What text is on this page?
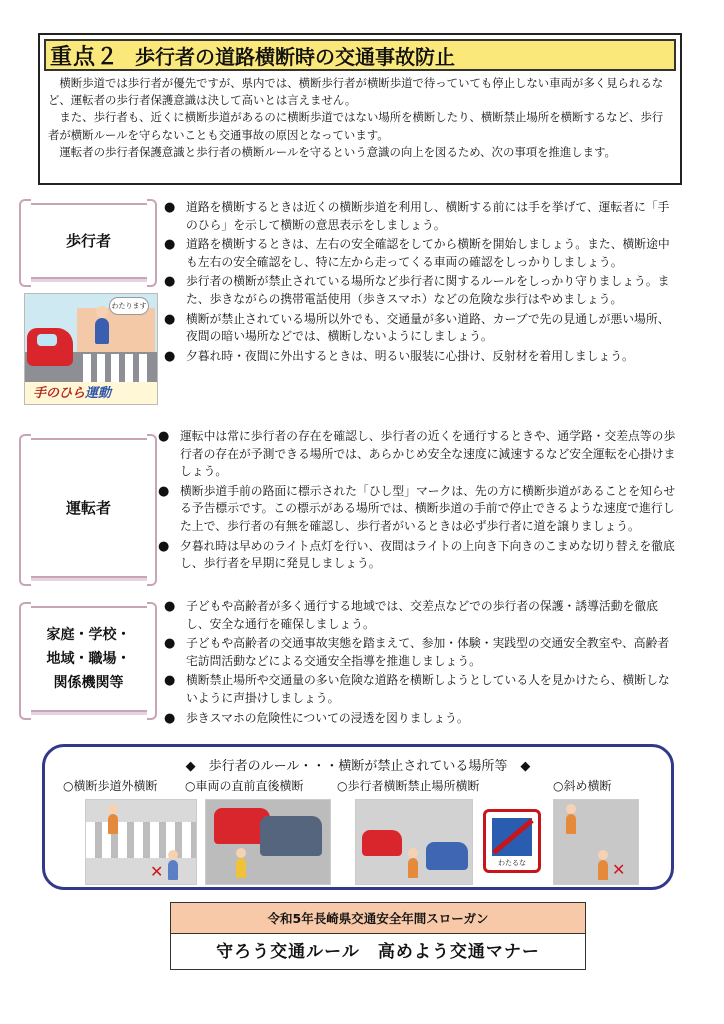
重点２ 歩行者の道路横断時の交通事故防止

横断歩道では歩行者が優先ですが、県内では、横断歩行者が横断歩道で待っていても停止しない車両が多く見られるなど、運転者の歩行者保護意識は決して高いとは言えません。

また、歩行者も、近くに横断歩道があるのに横断歩道ではない場所を横断したり、横断禁止場所を横断するなど、歩行者が横断ルールを守らないことも交通事故の原因となっています。

運転者の歩行者保護意識と歩行者の横断ルールを守るという意識の向上を図るため、次の事項を推進します。

歩行者
わたります
手のひら運動
● 道路を横断するときは近くの横断歩道を利用し、横断する前には手を挙げて、運転者に「手のひら」を示して横断の意思表示をしましょう。
● 道路を横断するときは、左右の安全確認をしてから横断を開始しましょう。また、横断途中も左右の安全確認をし、特に左から走ってくる車両の確認をしっかりしましょう。
● 歩行者の横断が禁止されている場所など歩行者に関するルールをしっかり守りましょう。また、歩きながらの携帯電話使用（歩きスマホ）などの危険な歩行はやめましょう。
● 横断が禁止されている場所以外でも、交通量が多い道路、カーブで先の見通しが悪い場所、夜間の暗い場所などでは、横断しないようにしましょう。
● 夕暮れ時・夜間に外出するときは、明るい服装に心掛け、反射材を着用しましょう。
運転者
● 運転中は常に歩行者の存在を確認し、歩行者の近くを通行するときや、通学路・交差点等の歩行者の存在が予測できる場所では、あらかじめ安全な速度に減速するなど安全運転を心掛けましょう。
● 横断歩道手前の路面に標示された「ひし型」マークは、先の方に横断歩道があることを知らせる予告標示です。この標示がある場所では、横断歩道の手前で停止できるような速度で進行した上で、歩行者の有無を確認し、歩行者がいるときは必ず歩行者に道を譲りましょう。
● 夕暮れ時は早めのライト点灯を行い、夜間はライトの上向き下向きのこまめな切り替えを徹底し、歩行者を早期に発見しましょう。
家庭・学校・
地域・職場・
関係機関等
● 子どもや高齢者が多く通行する地域では、交差点などでの歩行者の保護・誘導活動を徹底し、安全な通行を確保しましょう。
● 子どもや高齢者の交通事故実態を踏まえて、参加・体験・実践型の交通安全教室や、高齢者宅訪問活動などによる交通安全指導を推進しましょう。
● 横断禁止場所や交通量の多い危険な道路を横断しようとしている人を見かけたら、横断しないように声掛けしましょう。
● 歩きスマホの危険性についての浸透を図りましょう。
◆　歩行者のルール・・・横断が禁止されている場所等　◆
○横断歩道外横断 ○車両の直前直後横断	○歩行者横断禁止場所横断	○斜め横断
✕	わたるな	✕
令和5年長崎県交通安全年間スローガン
守ろう交通ルール　高めよう交通マナー
